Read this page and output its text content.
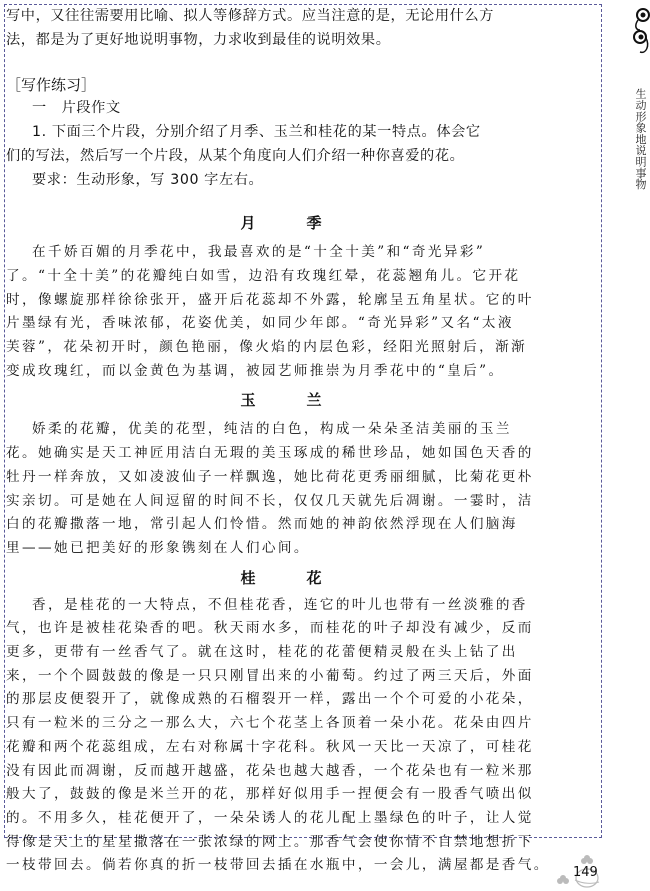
写中，又往往需要用比喻、拟人等修辞方式。应当注意的是，无论用什么方
法，都是为了更好地说明事物，力求收到最佳的说明效果。
［写作练习］
一　片段作文
1. 下面三个片段，分别介绍了月季、玉兰和桂花的某一特点。体会它
们的写法，然后写一个片段，从某个角度向人们介绍一种你喜爱的花。
要求：生动形象，写 300 字左右。
月　季
在千娇百媚的月季花中，我最喜欢的是“十全十美”和“奇光异彩”
了。“十全十美”的花瓣纯白如雪，边沿有玫瑰红晕，花蕊翘角儿。它开花
时，像螺旋那样徐徐张开，盛开后花蕊却不外露，轮廓呈五角星状。它的叶
片墨绿有光，香味浓郁，花姿优美，如同少年郎。“奇光异彩”又名“太液
芙蓉”，花朵初开时，颜色艳丽，像火焰的内层色彩，经阳光照射后，渐渐
变成玫瑰红，而以金黄色为基调，被园艺师推崇为月季花中的“皇后”。
玉　兰
娇柔的花瓣，优美的花型，纯洁的白色，构成一朵朵圣洁美丽的玉兰
花。她确实是天工神匠用洁白无瑕的美玉琢成的稀世珍品，她如国色天香的
牡丹一样奔放，又如凌波仙子一样飘逸，她比荷花更秀丽细腻，比菊花更朴
实亲切。可是她在人间逗留的时间不长，仅仅几天就先后凋谢。一霎时，洁
白的花瓣撒落一地，常引起人们怜惜。然而她的神韵依然浮现在人们脑海
里——她已把美好的形象镌刻在人们心间。
桂　花
香，是桂花的一大特点，不但桂花香，连它的叶儿也带有一丝淡雅的香
气，也许是被桂花染香的吧。秋天雨水多，而桂花的叶子却没有减少，反而
更多，更带有一丝香气了。就在这时，桂花的花蕾便精灵般在头上钻了出
来，一个个圆鼓鼓的像是一只只刚冒出来的小葡萄。约过了两三天后，外面
的那层皮便裂开了，就像成熟的石榴裂开一样，露出一个个可爱的小花朵，
只有一粒米的三分之一那么大，六七个花茎上各顶着一朵小花。花朵由四片
花瓣和两个花蕊组成，左右对称属十字花科。秋风一天比一天凉了，可桂花
没有因此而凋谢，反而越开越盛，花朵也越大越香，一个花朵也有一粒米那
般大了，鼓鼓的像是米兰开的花，那样好似用手一捏便会有一股香气喷出似
的。不用多久，桂花便开了，一朵朵诱人的花儿配上墨绿色的叶子，让人觉
得像是天上的星星撒落在一张浓绿的网上。那香气会使你情不自禁地想折下
一枝带回去。倘若你真的折一枝带回去插在水瓶中，一会儿，满屋都是香气。
生动形象地说明事物
149
